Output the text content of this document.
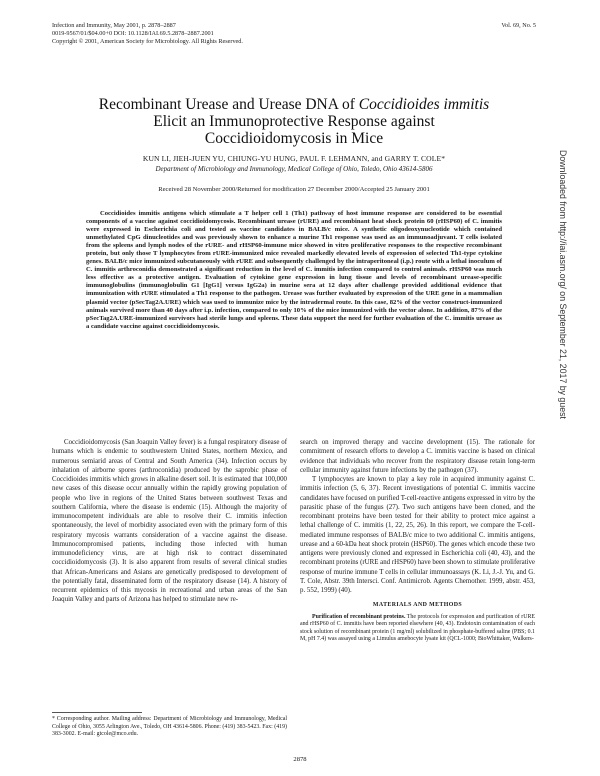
Infection and Immunity, May 2001, p. 2878–2887
0019-9567/01/$04.00+0 DOI: 10.1128/IAI.69.5.2878–2887.2001
Copyright © 2001, American Society for Microbiology. All Rights Reserved.
Vol. 69, No. 5
Recombinant Urease and Urease DNA of Coccidioides immitis
Elicit an Immunoprotective Response against
Coccidioidomycosis in Mice
KUN LI, JIEH-JUEN YU, CHIUNG-YU HUNG, PAUL F. LEHMANN, and GARRY T. COLE*
Department of Microbiology and Immunology, Medical College of Ohio, Toledo, Ohio 43614-5806
Received 28 November 2000/Returned for modification 27 December 2000/Accepted 25 January 2001
Coccidioides immitis antigens which stimulate a T helper cell 1 (Th1) pathway of host immune response are considered to be essential components of a vaccine against coccidioidomycosis. Recombinant urease (rURE) and recombinant heat shock protein 60 (rHSP60) of C. immitis were expressed in Escherichia coli and tested as vaccine candidates in BALB/c mice. A synthetic oligodeoxynucleotide which contained unmethylated CpG dinucleotides and was previously shown to enhance a murine Th1 response was used as an immunoadjuvant. T cells isolated from the spleens and lymph nodes of the rURE- and rHSP60-immune mice showed in vitro proliferative responses to the respective recombinant protein, but only those T lymphocytes from rURE-immunized mice revealed markedly elevated levels of expression of selected Th1-type cytokine genes. BALB/c mice immunized subcutaneously with rURE and subsequently challenged by the intraperitoneal (i.p.) route with a lethal inoculum of C. immitis arthroconidia demonstrated a significant reduction in the level of C. immitis infection compared to control animals. rHSP60 was much less effective as a protective antigen. Evaluation of cytokine gene expression in lung tissue and levels of recombinant urease-specific immunoglobulins (immunoglobulin G1 [IgG1] versus IgG2a) in murine sera at 12 days after challenge provided additional evidence that immunization with rURE stimulated a Th1 response to the pathogen. Urease was further evaluated by expression of the URE gene in a mammalian plasmid vector (pSecTag2A.URE) which was used to immunize mice by the intradermal route. In this case, 82% of the vector construct-immunized animals survived more than 40 days after i.p. infection, compared to only 10% of the mice immunized with the vector alone. In addition, 87% of the pSecTag2A.URE-immunized survivors had sterile lungs and spleens. These data support the need for further evaluation of the C. immitis urease as a candidate vaccine against coccidioidomycosis.

Coccidioidomycosis (San Joaquin Valley fever) is a fungal respiratory disease of humans which is endemic to southwestern United States, northern Mexico, and numerous semiarid areas of Central and South America (34). Infection occurs by inhalation of airborne spores (arthroconidia) produced by the saprobic phase of Coccidioides immitis which grows in alkaline desert soil. It is estimated that 100,000 new cases of this disease occur annually within the rapidly growing population of people who live in regions of the United States between southwest Texas and southern California, where the disease is endemic (15). Although the majority of immunocompetent individuals are able to resolve their C. immitis infection spontaneously, the level of morbidity associated even with the primary form of this respiratory mycosis warrants consideration of a vaccine against the disease. Immunocompromised patients, including those infected with human immunodeficiency virus, are at high risk to contract disseminated coccidioidomycosis (3). It is also apparent from results of several clinical studies that African-Americans and Asians are genetically predisposed to development of the potentially fatal, disseminated form of the respiratory disease (14). A history of recurrent epidemics of this mycosis in recreational and urban areas of the San Joaquin Valley and parts of Arizona has helped to stimulate new re-

search on improved therapy and vaccine development (15). The rationale for commitment of research efforts to develop a C. immitis vaccine is based on clinical evidence that individuals who recover from the respiratory disease retain long-term cellular immunity against future infections by the pathogen (37).

T lymphocytes are known to play a key role in acquired immunity against C. immitis infection (5, 6, 37). Recent investigations of potential C. immitis vaccine candidates have focused on purified T-cell-reactive antigens expressed in vitro by the parasitic phase of the fungus (27). Two such antigens have been cloned, and the recombinant proteins have been tested for their ability to protect mice against a lethal challenge of C. immitis (1, 22, 25, 26). In this report, we compare the T-cell-mediated immune responses of BALB/c mice to two additional C. immitis antigens, urease and a 60-kDa heat shock protein (HSP60). The genes which encode these two antigens were previously cloned and expressed in Escherichia coli (40, 43), and the recombinant proteins (rURE and rHSP60) have been shown to stimulate proliferative response of murine immune T cells in cellular immunoassays (K. Li, J.-J. Yu, and G. T. Cole, Abstr. 39th Intersci. Conf. Antimicrob. Agents Chemother. 1999, abstr. 453, p. 552, 1999) (40).

MATERIALS AND METHODS

Purification of recombinant proteins. The protocols for expression and purification of rURE and rHSP60 of C. immitis have been reported elsewhere (40, 43). Endotoxin contamination of each stock solution of recombinant protein (1 mg/ml) solubilized in phosphate-buffered saline (PBS; 0.1 M, pH 7.4) was assayed using a Limulus amebocyte lysate kit (QCL-1000; BioWhittaker, Walkers-

* Corresponding author. Mailing address: Department of Microbiology and Immunology, Medical College of Ohio, 3055 Arlington Ave., Toledo, OH 43614-5806. Phone: (419) 383-5423. Fax: (419) 383-3002. E-mail: gtcole@mco.edu.
2878
Downloaded from http://iai.asm.org/ on September 21, 2017 by guest
